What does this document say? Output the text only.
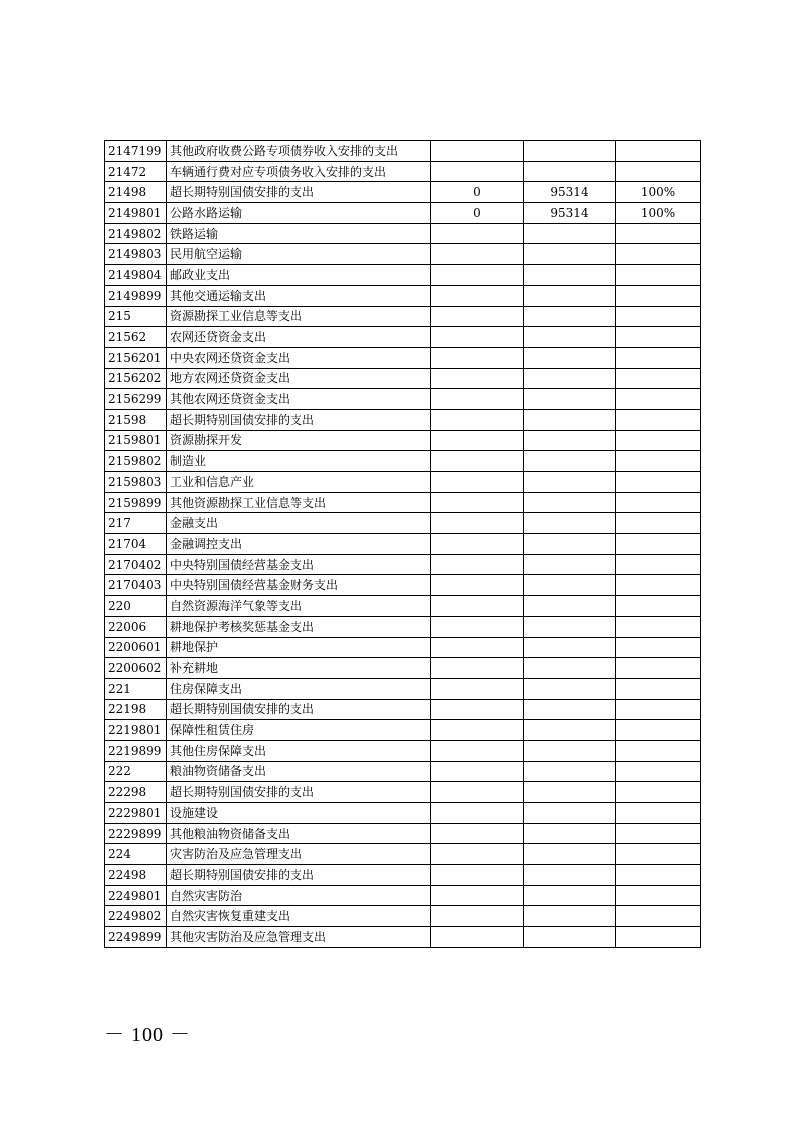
2147199	其他政府收费公路专项债券收入安排的支出			
21472	车辆通行费对应专项债务收入安排的支出			
21498	超长期特别国债安排的支出	0	95314	100%
2149801	公路水路运输	0	95314	100%
2149802	铁路运输			
2149803	民用航空运输			
2149804	邮政业支出			
2149899	其他交通运输支出			
215	资源勘探工业信息等支出			
21562	农网还贷资金支出			
2156201	中央农网还贷资金支出			
2156202	地方农网还贷资金支出			
2156299	其他农网还贷资金支出			
21598	超长期特别国债安排的支出			
2159801	资源勘探开发			
2159802	制造业			
2159803	工业和信息产业			
2159899	其他资源勘探工业信息等支出			
217	金融支出			
21704	金融调控支出			
2170402	中央特别国债经营基金支出			
2170403	中央特别国债经营基金财务支出			
220	自然资源海洋气象等支出			
22006	耕地保护考核奖惩基金支出			
2200601	耕地保护			
2200602	补充耕地			
221	住房保障支出			
22198	超长期特别国债安排的支出			
2219801	保障性租赁住房			
2219899	其他住房保障支出			
222	粮油物资储备支出			
22298	超长期特别国债安排的支出			
2229801	设施建设			
2229899	其他粮油物资储备支出			
224	灾害防治及应急管理支出			
22498	超长期特别国债安排的支出			
2249801	自然灾害防治			
2249802	自然灾害恢复重建支出			
2249899	其他灾害防治及应急管理支出			
－ 100 －
